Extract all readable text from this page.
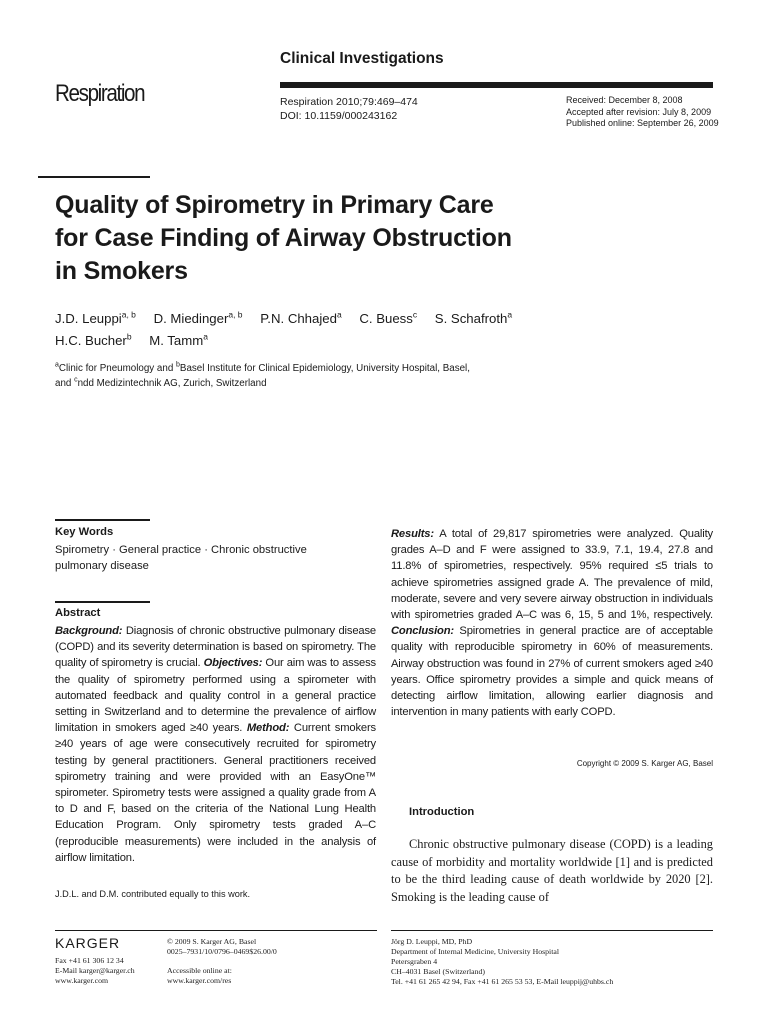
Clinical Investigations
Respiration	Respiration 2010;79:469–474
DOI: 10.1159/000243162
Received: December 8, 2008
Accepted after revision: July 8, 2009
Published online: September 26, 2009
Quality of Spirometry in Primary Care
for Case Finding of Airway Obstruction
in Smokers
J.D. Leuppi$^{a, b}$ D. Miedinger$^{a, b}$ P.N. Chhajed$^a$ C. Buess$^c$ S. Schafroth$^a$
H.C. Bucher$^b$ M. Tamm$^a$
$^a$Clinic for Pneumology and $^b$Basel Institute for Clinical Epidemiology, University Hospital, Basel,
and $^c$ndd Medizintechnik AG, Zurich, Switzerland
Key Words
Spirometry · General practice · Chronic obstructive
pulmonary disease
Abstract
Background: Diagnosis of chronic obstructive pulmonary disease (COPD) and its severity determination is based on spirometry. The quality of spirometry is crucial. Objectives: Our aim was to assess the quality of spirometry performed using a spirometer with automated feedback and quality control in a general practice setting in Switzerland and to determine the prevalence of airflow limitation in smokers aged ≥40 years. Method: Current smokers ≥40 years of age were consecutively recruited for spirometry testing by general practitioners. General practitioners received spirometry training and were provided with an EasyOne™ spirometer. Spirometry tests were assigned a quality grade from A to D and F, based on the criteria of the National Lung Health Education Program. Only spirometry tests graded A–C (reproducible measurements) were included in the analysis of airflow limitation.
Results: A total of 29,817 spirometries were analyzed. Quality grades A–D and F were assigned to 33.9, 7.1, 19.4, 27.8 and 11.8% of spirometries, respectively. 95% required ≤5 trials to achieve spirometries assigned grade A. The prevalence of mild, moderate, severe and very severe airway obstruction in individuals with spirometries graded A–C was 6, 15, 5 and 1%, respectively. Conclusion: Spirometries in general practice are of acceptable quality with reproducible spirometry in 60% of measurements. Airway obstruction was found in 27% of current smokers aged ≥40 years. Office spirometry provides a simple and quick means of detecting airflow limitation, allowing earlier diagnosis and intervention in many patients with early COPD.
Copyright © 2009 S. Karger AG, Basel
Introduction
Chronic obstructive pulmonary disease (COPD) is a leading cause of morbidity and mortality worldwide [1] and is predicted to be the third leading cause of death worldwide by 2020 [2]. Smoking is the leading cause of
J.D.L. and D.M. contributed equally to this work.
KARGER
Fax +41 61 306 12 34
E-Mail karger@karger.ch
www.karger.com
© 2009 S. Karger AG, Basel
0025–7931/10/0796–0469$26.00/0
Accessible online at:
www.karger.com/res
Jörg D. Leuppi, MD, PhD
Department of Internal Medicine, University Hospital
Petersgraben 4
CH–4031 Basel (Switzerland)
Tel. +41 61 265 42 94, Fax +41 61 265 53 53, E-Mail leuppij@uhbs.ch
